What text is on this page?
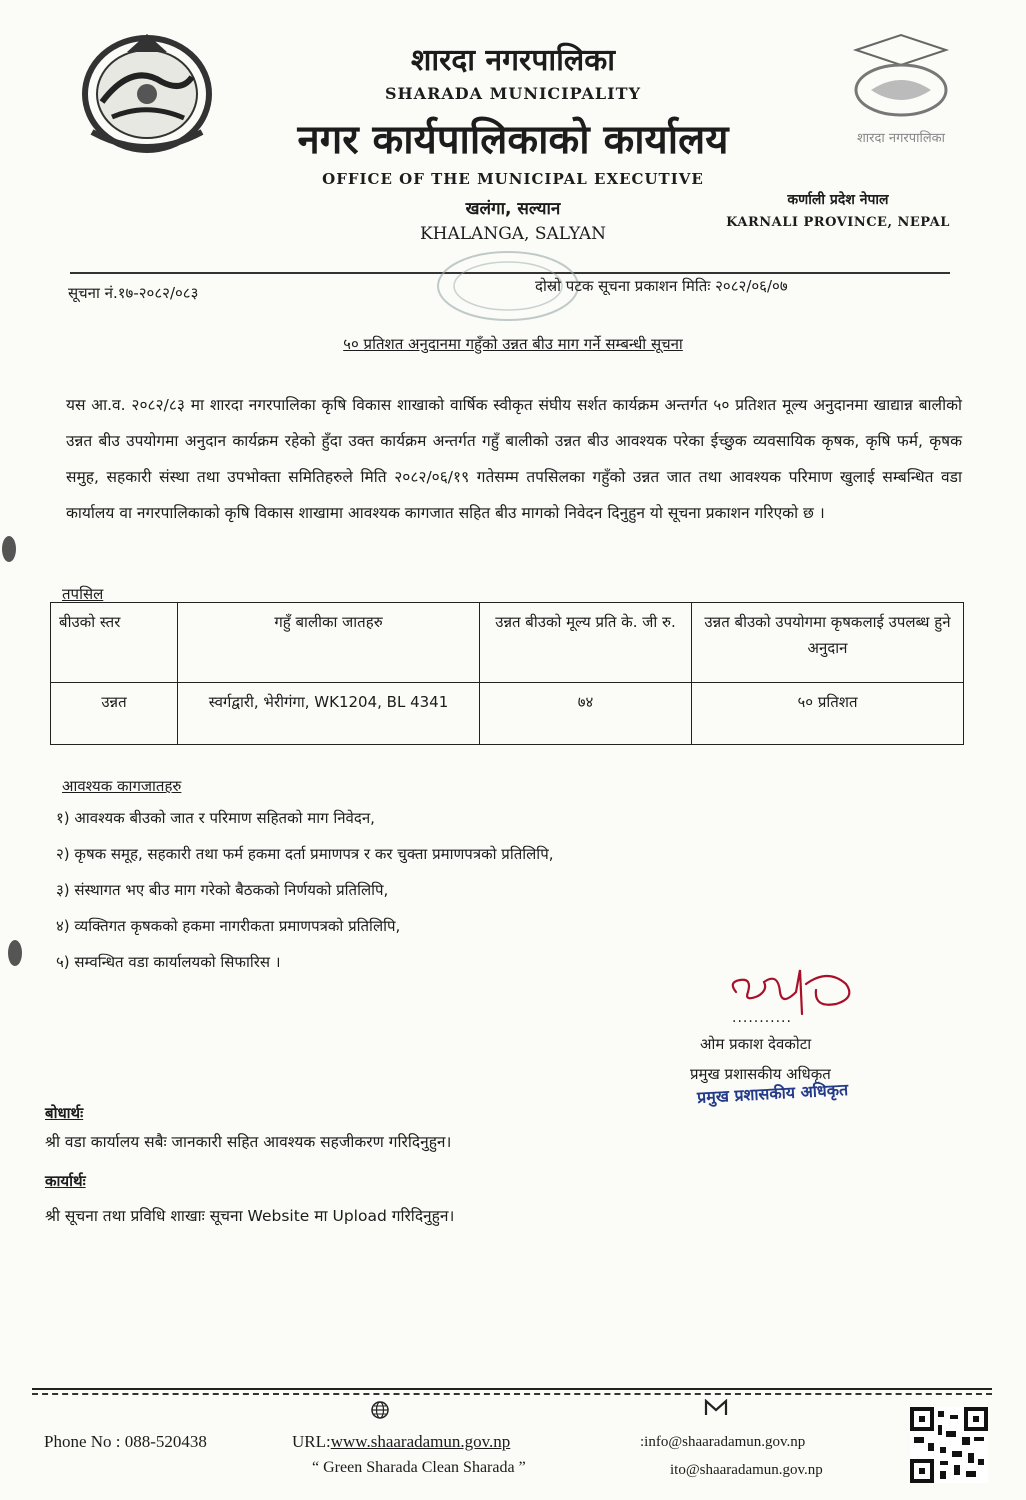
शारदा नगरपालिका
शारदा नगरपालिका
SHARADA MUNICIPALITY
नगर कार्यपालिकाको कार्यालय
OFFICE OF THE MUNICIPAL EXECUTIVE
खलंगा, सल्यान
KHALANGA, SALYAN
कर्णाली प्रदेश नेपाल
KARNALI PROVINCE, NEPAL
सूचना नं.१७-२०८२/०८३	दोस्रो पटक सूचना प्रकाशन मितिः २०८२/०६/०७
५० प्रतिशत अनुदानमा गहुँको उन्नत बीउ माग गर्ने सम्बन्धी सूचना
यस आ.व. २०८२/८३ मा शारदा नगरपालिका कृषि विकास शाखाको वार्षिक स्वीकृत संघीय सर्शत कार्यक्रम अन्तर्गत ५० प्रतिशत मूल्य अनुदानमा खाद्यान्न बालीको उन्नत बीउ उपयोगमा अनुदान कार्यक्रम रहेको हुँदा उक्त कार्यक्रम अन्तर्गत गहुँ बालीको उन्नत बीउ आवश्यक परेका ईच्छुक व्यवसायिक कृषक, कृषि फर्म, कृषक समुह, सहकारी संस्था तथा उपभोक्ता समितिहरुले मिति २०८२/०६/१९ गतेसम्म तपसिलका गहुँको उन्नत जात तथा आवश्यक परिमाण खुलाई सम्बन्धित वडा कार्यालय वा नगरपालिकाको कृषि विकास शाखामा आवश्यक कागजात सहित बीउ मागको निवेदन दिनुहुन यो सूचना प्रकाशन गरिएको छ ।
तपसिल
बीउको स्तर	गहुँ बालीका जातहरु	उन्नत बीउको मूल्य प्रति के. जी रु.	उन्नत बीउको उपयोगमा कृषकलाई उपलब्ध हुने अनुदान
उन्नत	स्वर्गद्वारी, भेरीगंगा, WK1204, BL 4341	७४	५० प्रतिशत
आवश्यक कागजातहरु
१) आवश्यक बीउको जात र परिमाण सहितको माग निवेदन,
२) कृषक समूह, सहकारी तथा फर्म हकमा दर्ता प्रमाणपत्र र कर चुक्ता प्रमाणपत्रको प्रतिलिपि,
३) संस्थागत भए बीउ माग गरेको बैठकको निर्णयको प्रतिलिपि,
४) व्यक्तिगत कृषकको हकमा नागरीकता प्रमाणपत्रको प्रतिलिपि,
५) सम्वन्धित वडा कार्यालयको सिफारिस ।
...........
ओम प्रकाश देवकोटा
प्रमुख प्रशासकीय अधिकृत
प्रमुख प्रशासकीय अधिकृत
बोधार्थः
श्री वडा कार्यालय सबैः जानकारी सहित आवश्यक सहजीकरण गरिदिनुहुन।
कार्यार्थः
श्री सूचना तथा प्रविधि शाखाः सूचना Website मा Upload गरिदिनुहुन।
Phone No : 088-520438	URL:www.shaaradamun.gov.np
“ Green Sharada Clean Sharada ”
:info@shaaradamun.gov.np
ito@shaaradamun.gov.np
